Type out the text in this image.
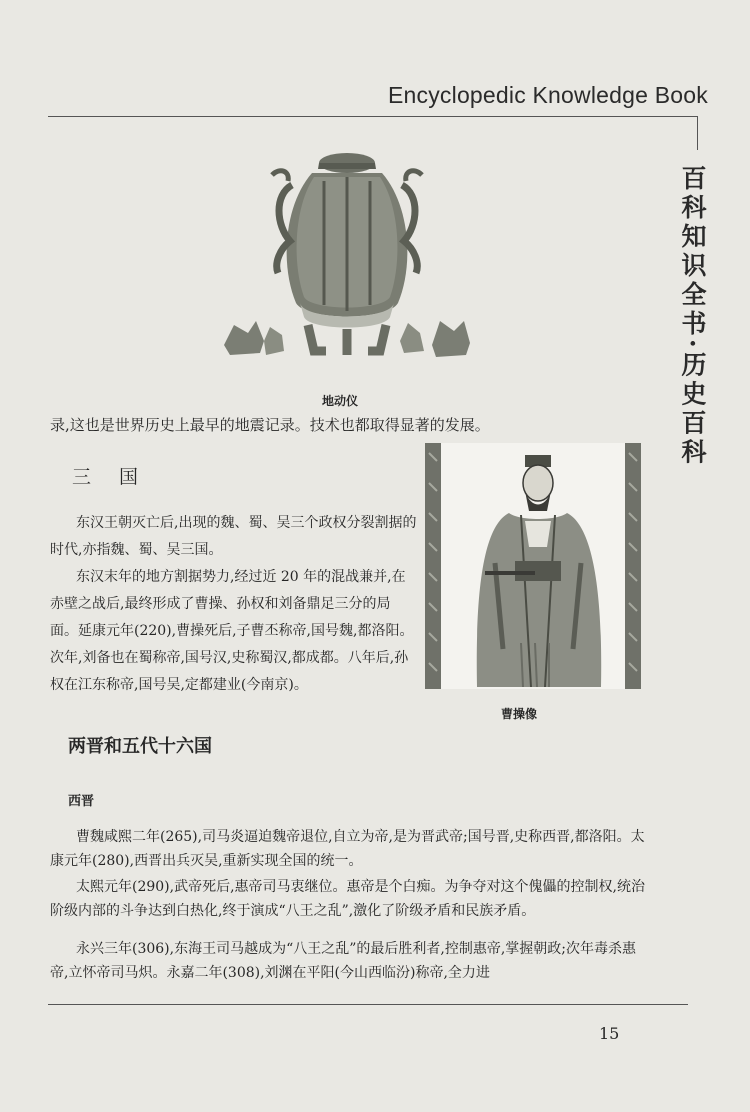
Encyclopedic Knowledge Book
百科知识全书·历史百科
地动仪
录,这也是世界历史上最早的地震记录。技术也都取得显著的发展。
三 国
东汉王朝灭亡后,出现的魏、蜀、吴三个政权分裂割据的时代,亦指魏、蜀、吴三国。
东汉末年的地方割据势力,经过近 20 年的混战兼并,在赤壁之战后,最终形成了曹操、孙权和刘备鼎足三分的局面。延康元年(220),曹操死后,子曹丕称帝,国号魏,都洛阳。次年,刘备也在蜀称帝,国号汉,史称蜀汉,都成都。八年后,孙权在江东称帝,国号吴,定都建业(今南京)。
曹操像
两晋和五代十六国
西晋
曹魏咸熙二年(265),司马炎逼迫魏帝退位,自立为帝,是为晋武帝;国号晋,史称西晋,都洛阳。太康元年(280),西晋出兵灭吴,重新实现全国的统一。
太熙元年(290),武帝死后,惠帝司马衷继位。惠帝是个白痴。为争夺对这个傀儡的控制权,统治阶级内部的斗争达到白热化,终于演成“八王之乱”,激化了阶级矛盾和民族矛盾。
永兴三年(306),东海王司马越成为“八王之乱”的最后胜利者,控制惠帝,掌握朝政;次年毒杀惠帝,立怀帝司马炽。永嘉二年(308),刘渊在平阳(今山西临汾)称帝,全力进
15
